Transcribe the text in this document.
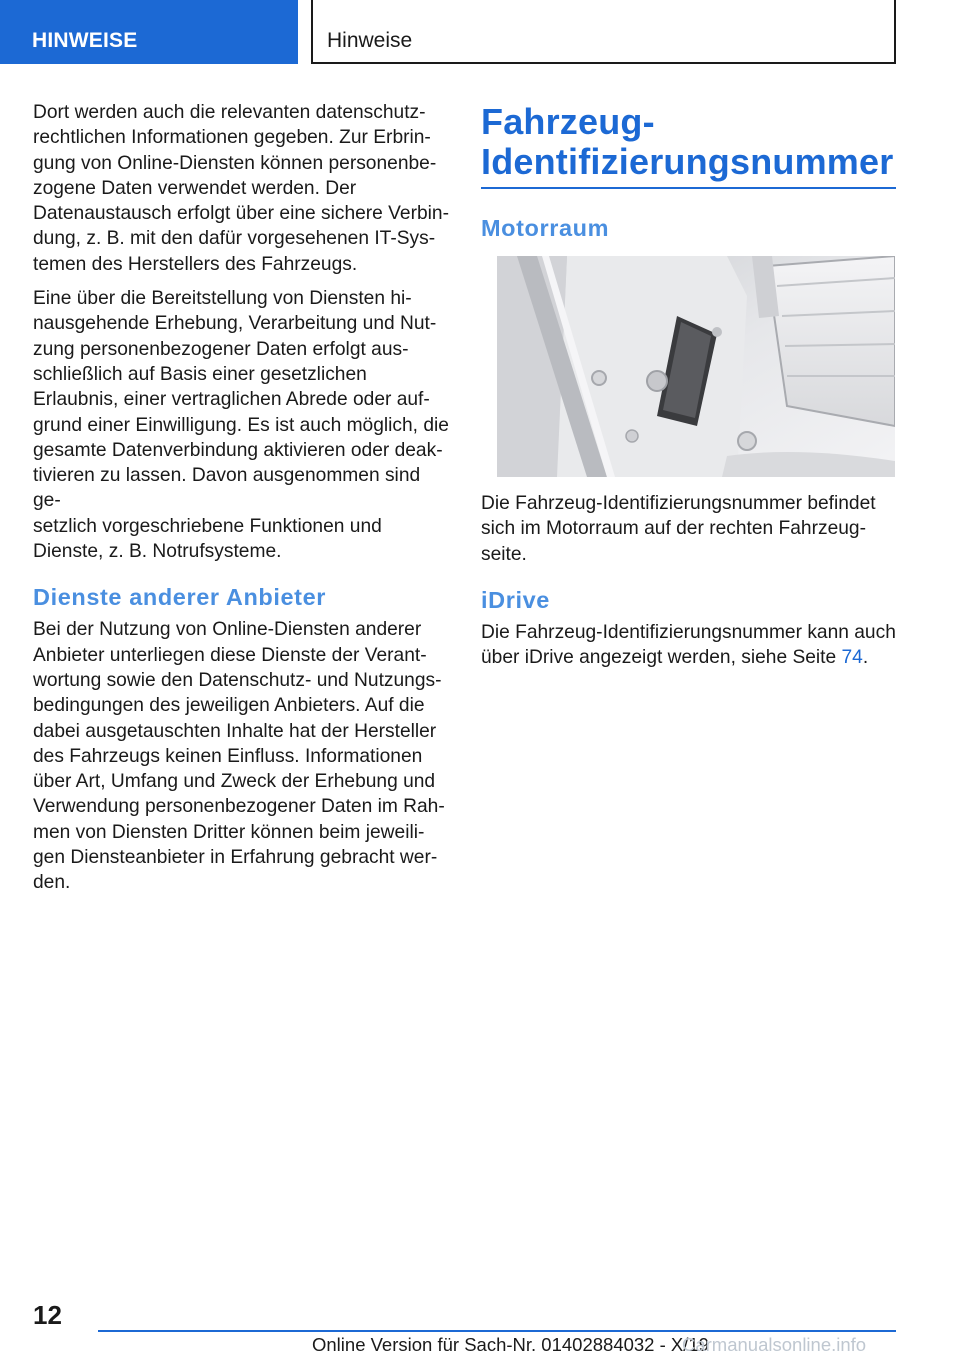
HINWEISE	Hinweise

Dort werden auch die relevanten datenschutz-
rechtlichen Informationen gegeben. Zur Erbrin-
gung von Online-Diensten können personenbe-
zogene Daten verwendet werden. Der
Datenaustausch erfolgt über eine sichere Verbin-
dung, z. B. mit den dafür vorgesehenen IT-Sys-
temen des Herstellers des Fahrzeugs.

Eine über die Bereitstellung von Diensten hi-
nausgehende Erhebung, Verarbeitung und Nut-
zung personenbezogener Daten erfolgt aus-
schließlich auf Basis einer gesetzlichen
Erlaubnis, einer vertraglichen Abrede oder auf-
grund einer Einwilligung. Es ist auch möglich, die
gesamte Datenverbindung aktivieren oder deak-
tivieren zu lassen. Davon ausgenommen sind ge-
setzlich vorgeschriebene Funktionen und
Dienste, z. B. Notrufsysteme.

Dienste anderer Anbieter

Bei der Nutzung von Online-Diensten anderer
Anbieter unterliegen diese Dienste der Verant-
wortung sowie den Datenschutz- und Nutzungs-
bedingungen des jeweiligen Anbieters. Auf die
dabei ausgetauschten Inhalte hat der Hersteller
des Fahrzeugs keinen Einfluss. Informationen
über Art, Umfang und Zweck der Erhebung und
Verwendung personenbezogener Daten im Rah-
men von Diensten Dritter können beim jeweili-
gen Diensteanbieter in Erfahrung gebracht wer-
den.

Fahrzeug-
Identifizierungsnummer
Motorraum

Die Fahrzeug-Identifizierungsnummer befindet
sich im Motorraum auf der rechten Fahrzeug-
seite.

iDrive

Die Fahrzeug-Identifizierungsnummer kann auch
über iDrive angezeigt werden, siehe Seite 74.

12
Online Version für Sach-Nr. 01402884032 - X/19
Carmanualsonline.info
